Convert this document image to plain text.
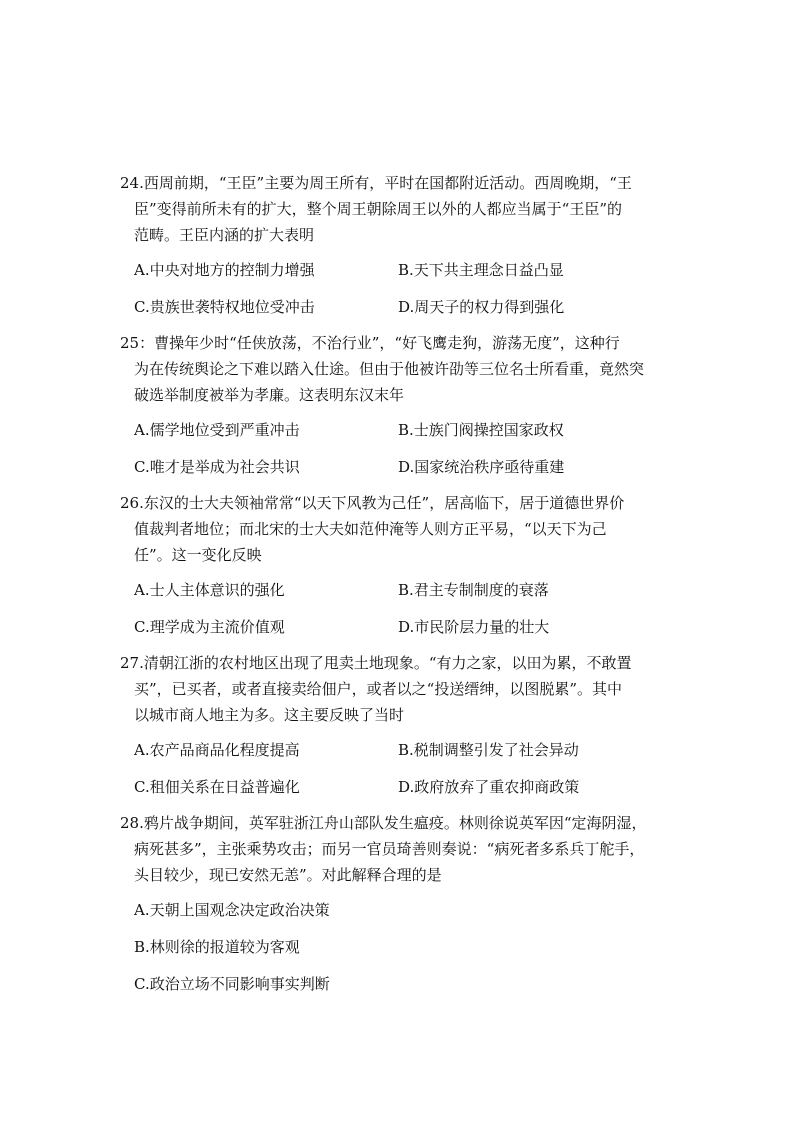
24.西周前期，“王臣”主要为周王所有，平时在国都附近活动。西周晚期，“王
臣”变得前所未有的扩大，整个周王朝除周王以外的人都应当属于“王臣”的
范畴。王臣内涵的扩大表明
A.中央对地方的控制力增强	B.天下共主理念日益凸显
C.贵族世袭特权地位受冲击	D.周天子的权力得到强化
25：曹操年少时“任侠放荡，不治行业”，“好飞鹰走狗，游荡无度”，这种行
为在传统舆论之下难以踏入仕途。但由于他被许劭等三位名士所看重，竟然突
破选举制度被举为孝廉。这表明东汉末年
A.儒学地位受到严重冲击	B.士族门阀操控国家政权
C.唯才是举成为社会共识	D.国家统治秩序亟待重建
26.东汉的士大夫领袖常常“以天下风教为己任”，居高临下，居于道德世界价
值裁判者地位；而北宋的士大夫如范仲淹等人则方正平易，“以天下为己
任”。这一变化反映
A.士人主体意识的强化	B.君主专制制度的衰落
C.理学成为主流价值观	D.市民阶层力量的壮大
27.清朝江浙的农村地区出现了甩卖土地现象。“有力之家，以田为累，不敢置
买”，已买者，或者直接卖给佃户，或者以之“投送缙绅，以图脱累”。其中
以城市商人地主为多。这主要反映了当时
A.农产品商品化程度提高	B.税制调整引发了社会异动
C.租佃关系在日益普遍化	D.政府放弃了重农抑商政策
28.鸦片战争期间，英军驻浙江舟山部队发生瘟疫。林则徐说英军因“定海阴湿，
病死甚多”，主张乘势攻击；而另一官员琦善则奏说：“病死者多系兵丁舵手，
头目较少，现已安然无恙”。对此解释合理的是
A.天朝上国观念决定政治决策
B.林则徐的报道较为客观
C.政治立场不同影响事实判断
